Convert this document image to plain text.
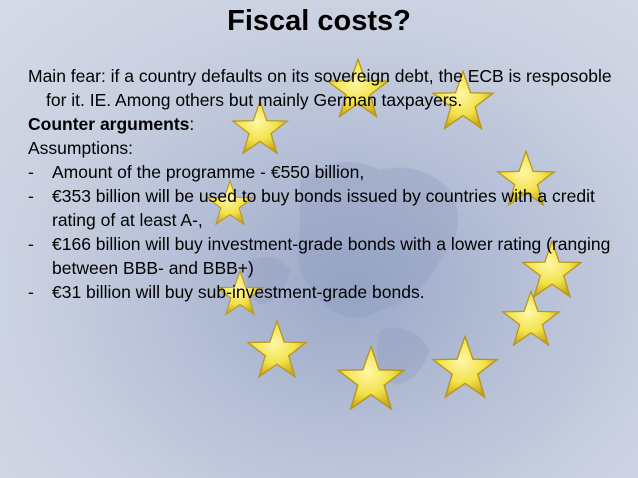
Fiscal costs?

Main fear: if a country defaults on its sovereign debt, the ECB is resposoble for it. IE. Among others but mainly German taxpayers.

Counter arguments:

Assumptions:

- Amount of the programme - €550 billion,

- €353 billion will be used to buy bonds issued by countries with a credit rating of at least A-,

- €166 billion will buy investment-grade bonds with a lower rating (ranging between BBB- and BBB+)

- €31 billion will buy sub-investment-grade bonds.
